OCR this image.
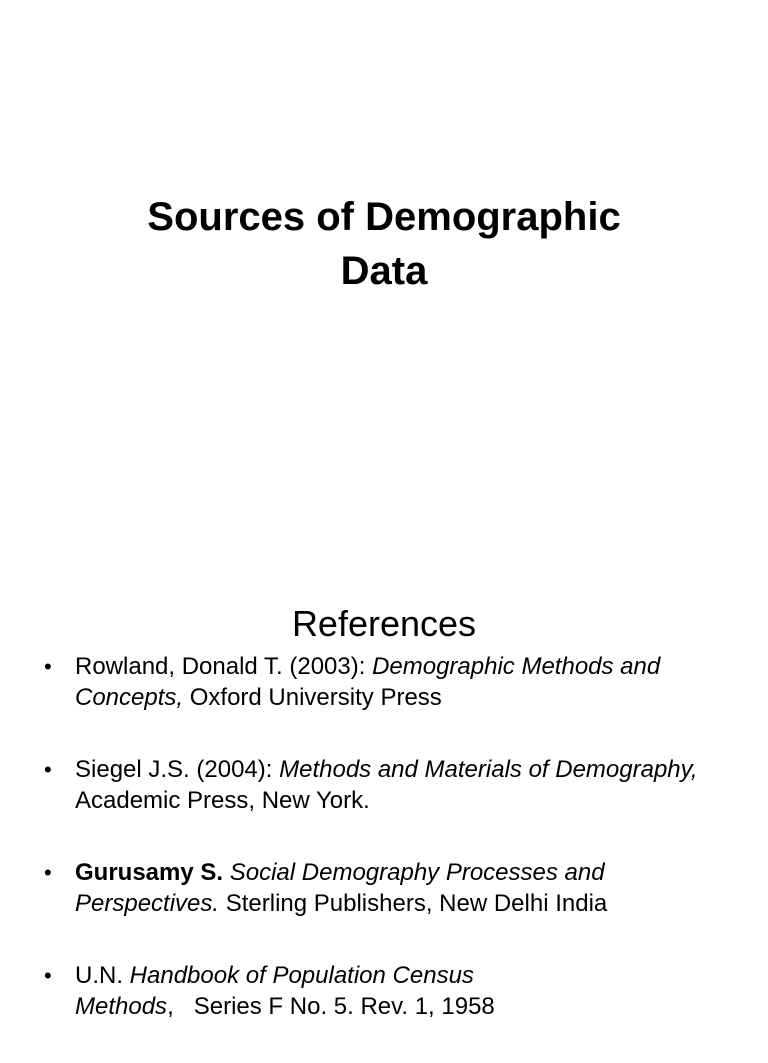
Sources of Demographic
Data
References
• Rowland, Donald T. (2003): Demographic Methods and Concepts, Oxford University Press
• Siegel J.S. (2004): Methods and Materials of Demography, Academic Press, New York.
• Gurusamy S. Social Demography Processes and Perspectives. Sterling Publishers, New Delhi India
• U.N. Handbook of Population Census Methods,   Series F No. 5. Rev. 1, 1958
